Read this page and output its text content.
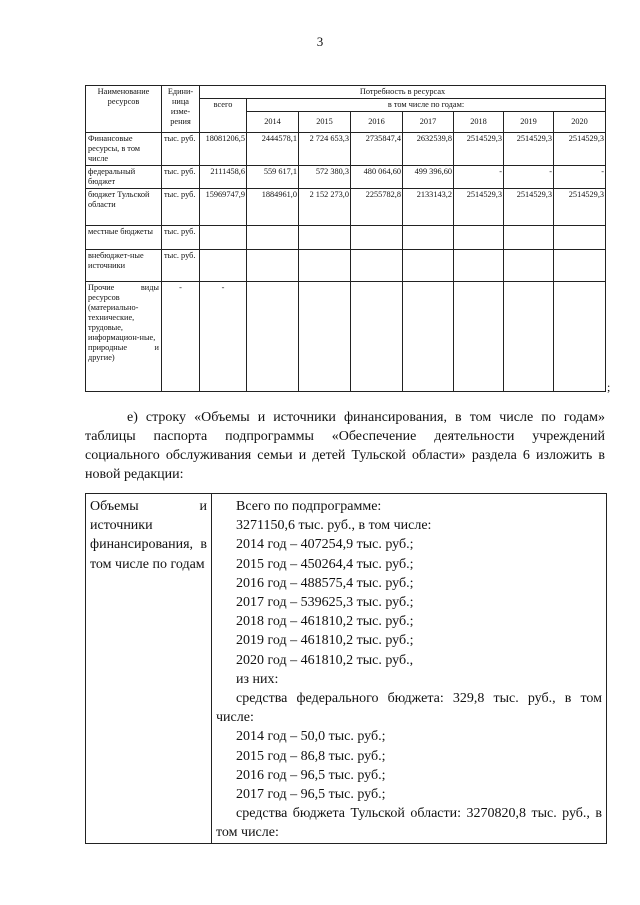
3
Наименование ресурсов	Едини-ница изме-рения	Потребность в ресурсах							
		всего	в том числе по годам:						
			2014	2015	2016	2017	2018	2019	2020
Финансовые ресурсы, в том числе	тыс. руб.	18081206,5	2444578,1	2 724 653,3	2735847,4	2632539,8	2514529,3	2514529,3	2514529,3
федеральный бюджет	тыс. руб.	2111458,6	559 617,1	572 380,3	480 064,60	499 396,60	-	-	-
бюджет Тульской области	тыс. руб.	15969747,9	1884961,0	2 152 273,0	2255782,8	2133143,2	2514529,3	2514529,3	2514529,3
местные бюджеты	тыс. руб.								
внебюджет-ные источники	тыс. руб.								
Прочие виды ресурсов (материально-технические, трудовые, информацион-ные, природные и другие)	-	-							
;

е) строку «Объемы и источники финансирования, в том числе по годам» таблицы паспорта подпрограммы «Обеспечение деятельности учреждений социального обслуживания семьи и детей Тульской области» раздела 6 изложить в новой редакции:

Объемы и источники финансирования, в том числе по годам

Всего по подпрограмме:

3271150,6 тыс. руб., в том числе:

2014 год – 407254,9 тыс. руб.;

2015 год – 450264,4 тыс. руб.;

2016 год – 488575,4 тыс. руб.;

2017 год – 539625,3 тыс. руб.;

2018 год – 461810,2 тыс. руб.;

2019 год – 461810,2 тыс. руб.;

2020 год – 461810,2 тыс. руб.,

из них:

средства федерального бюджета: 329,8 тыс. руб., в том числе:

2014 год – 50,0 тыс. руб.;

2015 год – 86,8 тыс. руб.;

2016 год – 96,5 тыс. руб.;

2017 год – 96,5 тыс. руб.;

средства бюджета Тульской области: 3270820,8 тыс. руб., в том числе:
